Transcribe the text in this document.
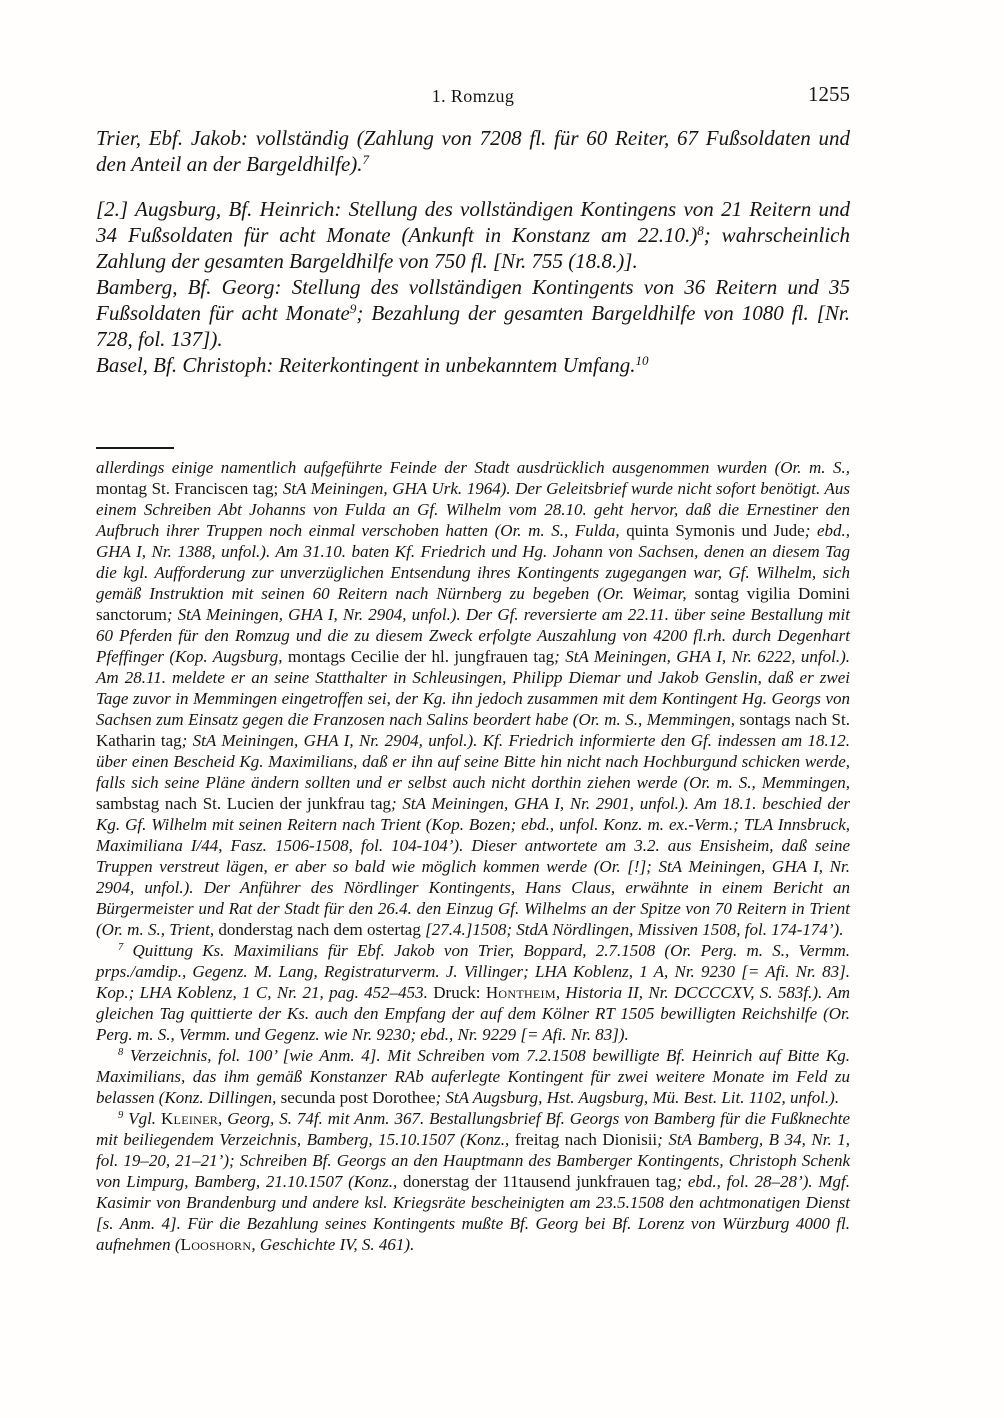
1. Romzug	1255

Trier, Ebf. Jakob: vollständig (Zahlung von 7208 fl. für 60 Reiter, 67 Fußsoldaten und den Anteil an der Bargeldhilfe).$^7$

[2.] Augsburg, Bf. Heinrich: Stellung des vollständigen Kontingens von 21 Reitern und 34 Fußsoldaten für acht Monate (Ankunft in Konstanz am 22.10.)$^8$; wahrscheinlich Zahlung der gesamten Bargeldhilfe von 750 fl. [Nr. 755 (18.8.)].

Bamberg, Bf. Georg: Stellung des vollständigen Kontingents von 36 Reitern und 35 Fußsoldaten für acht Monate$^9$; Bezahlung der gesamten Bargeldhilfe von 1080 fl. [Nr. 728, fol. 137]).

Basel, Bf. Christoph: Reiterkontingent in unbekanntem Umfang.$^{10}$

allerdings einige namentlich aufgeführte Feinde der Stadt ausdrücklich ausgenommen wurden (Or. m. S., montag St. Franciscen tag; StA Meiningen, GHA Urk. 1964). Der Geleitsbrief wurde nicht sofort benötigt. Aus einem Schreiben Abt Johanns von Fulda an Gf. Wilhelm vom 28.10. geht hervor, daß die Ernestiner den Aufbruch ihrer Truppen noch einmal verschoben hatten (Or. m. S., Fulda, quinta Symonis und Jude; ebd., GHA I, Nr. 1388, unfol.). Am 31.10. baten Kf. Friedrich und Hg. Johann von Sachsen, denen an diesem Tag die kgl. Aufforderung zur unverzüglichen Entsendung ihres Kontingents zugegangen war, Gf. Wilhelm, sich gemäß Instruktion mit seinen 60 Reitern nach Nürnberg zu begeben (Or. Weimar, sontag vigilia Domini sanctorum; StA Meiningen, GHA I, Nr. 2904, unfol.). Der Gf. reversierte am 22.11. über seine Bestallung mit 60 Pferden für den Romzug und die zu diesem Zweck erfolgte Auszahlung von 4200 fl.rh. durch Degenhart Pfeffinger (Kop. Augsburg, montags Cecilie der hl. jungfrauen tag; StA Meiningen, GHA I, Nr. 6222, unfol.). Am 28.11. meldete er an seine Statthalter in Schleusingen, Philipp Diemar und Jakob Genslin, daß er zwei Tage zuvor in Memmingen eingetroffen sei, der Kg. ihn jedoch zusammen mit dem Kontingent Hg. Georgs von Sachsen zum Einsatz gegen die Franzosen nach Salins beordert habe (Or. m. S., Memmingen, sontags nach St. Katharin tag; StA Meiningen, GHA I, Nr. 2904, unfol.). Kf. Friedrich informierte den Gf. indessen am 18.12. über einen Bescheid Kg. Maximilians, daß er ihn auf seine Bitte hin nicht nach Hochburgund schicken werde, falls sich seine Pläne ändern sollten und er selbst auch nicht dorthin ziehen werde (Or. m. S., Memmingen, sambstag nach St. Lucien der junkfrau tag; StA Meiningen, GHA I, Nr. 2901, unfol.). Am 18.1. beschied der Kg. Gf. Wilhelm mit seinen Reitern nach Trient (Kop. Bozen; ebd., unfol. Konz. m. ex.-Verm.; TLA Innsbruck, Maximiliana I/44, Fasz. 1506-1508, fol. 104-104’). Dieser antwortete am 3.2. aus Ensisheim, daß seine Truppen verstreut lägen, er aber so bald wie möglich kommen werde (Or. [!]; StA Meiningen, GHA I, Nr. 2904, unfol.). Der Anführer des Nördlinger Kontingents, Hans Claus, erwähnte in einem Bericht an Bürgermeister und Rat der Stadt für den 26.4. den Einzug Gf. Wilhelms an der Spitze von 70 Reitern in Trient (Or. m. S., Trient, donderstag nach dem ostertag [27.4.]1508; StdA Nördlingen, Missiven 1508, fol. 174-174’).

$^7$ Quittung Ks. Maximilians für Ebf. Jakob von Trier, Boppard, 2.7.1508 (Or. Perg. m. S., Vermm. prps./amdip., Gegenz. M. Lang, Registraturverm. J. Villinger; LHA Koblenz, 1 A, Nr. 9230 [= Afi. Nr. 83]. Kop.; LHA Koblenz, 1 C, Nr. 21, pag. 452–453. Druck: Hontheim, Historia II, Nr. DCCCCXV, S. 583f.). Am gleichen Tag quittierte der Ks. auch den Empfang der auf dem Kölner RT 1505 bewilligten Reichshilfe (Or. Perg. m. S., Vermm. und Gegenz. wie Nr. 9230; ebd., Nr. 9229 [= Afi. Nr. 83]).

$^8$ Verzeichnis, fol. 100’ [wie Anm. 4]. Mit Schreiben vom 7.2.1508 bewilligte Bf. Heinrich auf Bitte Kg. Maximilians, das ihm gemäß Konstanzer RAb auferlegte Kontingent für zwei weitere Monate im Feld zu belassen (Konz. Dillingen, secunda post Dorothee; StA Augsburg, Hst. Augsburg, Mü. Best. Lit. 1102, unfol.).

$^9$ Vgl. Kleiner, Georg, S. 74f. mit Anm. 367. Bestallungsbrief Bf. Georgs von Bamberg für die Fußknechte mit beiliegendem Verzeichnis, Bamberg, 15.10.1507 (Konz., freitag nach Dionisii; StA Bamberg, B 34, Nr. 1, fol. 19–20, 21–21’); Schreiben Bf. Georgs an den Hauptmann des Bamberger Kontingents, Christoph Schenk von Limpurg, Bamberg, 21.10.1507 (Konz., donerstag der 11tausend junkfrauen tag; ebd., fol. 28–28’). Mgf. Kasimir von Brandenburg und andere ksl. Kriegsräte bescheinigten am 23.5.1508 den achtmonatigen Dienst [s. Anm. 4]. Für die Bezahlung seines Kontingents mußte Bf. Georg bei Bf. Lorenz von Würzburg 4000 fl. aufnehmen (Looshorn, Geschichte IV, S. 461).
